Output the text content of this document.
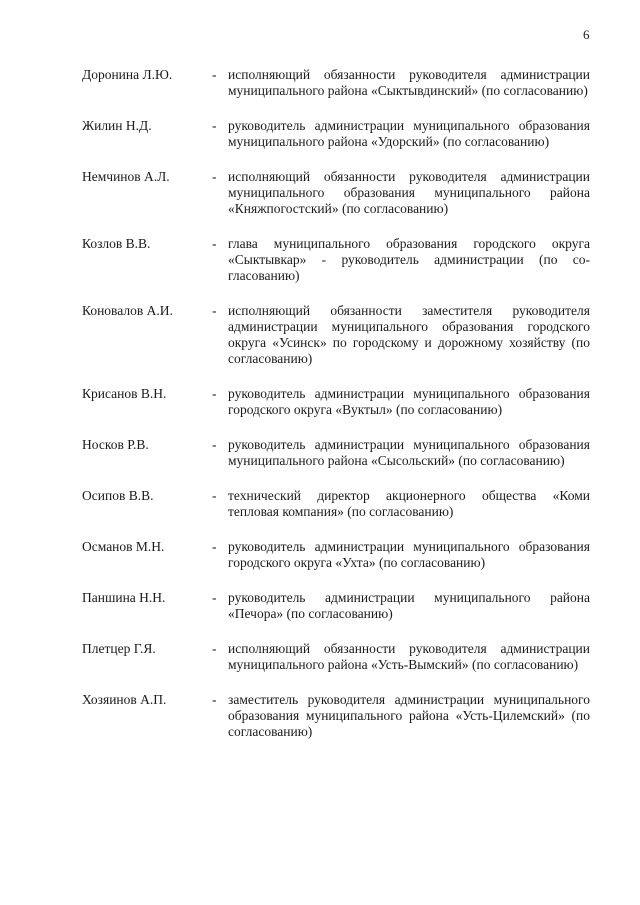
6
Доронина Л.Ю.	- исполняющий обязанности руководителя администрации муниципального района «Сыктывдинский» (по согласованию)
Жилин Н.Д.	- руководитель администрации муниципального образования муниципального района «Удорский» (по согласованию)
Немчинов А.Л.	- исполняющий обязанности руководителя администрации муниципального образования муниципального района «Княжпогостский» (по согласованию)
Козлов В.В.	- глава муниципального образования городского округа «Сыктывкар» - руководитель администрации (по согласованию)
Коновалов А.И.	- исполняющий обязанности заместителя руководителя администрации муниципального образования городского округа «Усинск» по городскому и дорожному хозяйству (по согласованию)
Крисанов В.Н.	- руководитель администрации муниципального образования городского округа «Вуктыл» (по согласованию)
Носков Р.В.	- руководитель администрации муниципального образования муниципального района «Сысольский» (по согласованию)
Осипов В.В.	- технический директор акционерного общества «Коми тепловая компания» (по согласованию)
Османов М.Н.	- руководитель администрации муниципального образования городского округа «Ухта» (по согласованию)
Паншина Н.Н.	- руководитель администрации муниципального района «Печора» (по согласованию)
Плетцер Г.Я.	- исполняющий обязанности руководителя администрации муниципального района «Усть-Вымский» (по согласованию)
Хозяинов А.П.	- заместитель руководителя администрации муниципального образования муниципального района «Усть-Цилемский» (по согласованию)
